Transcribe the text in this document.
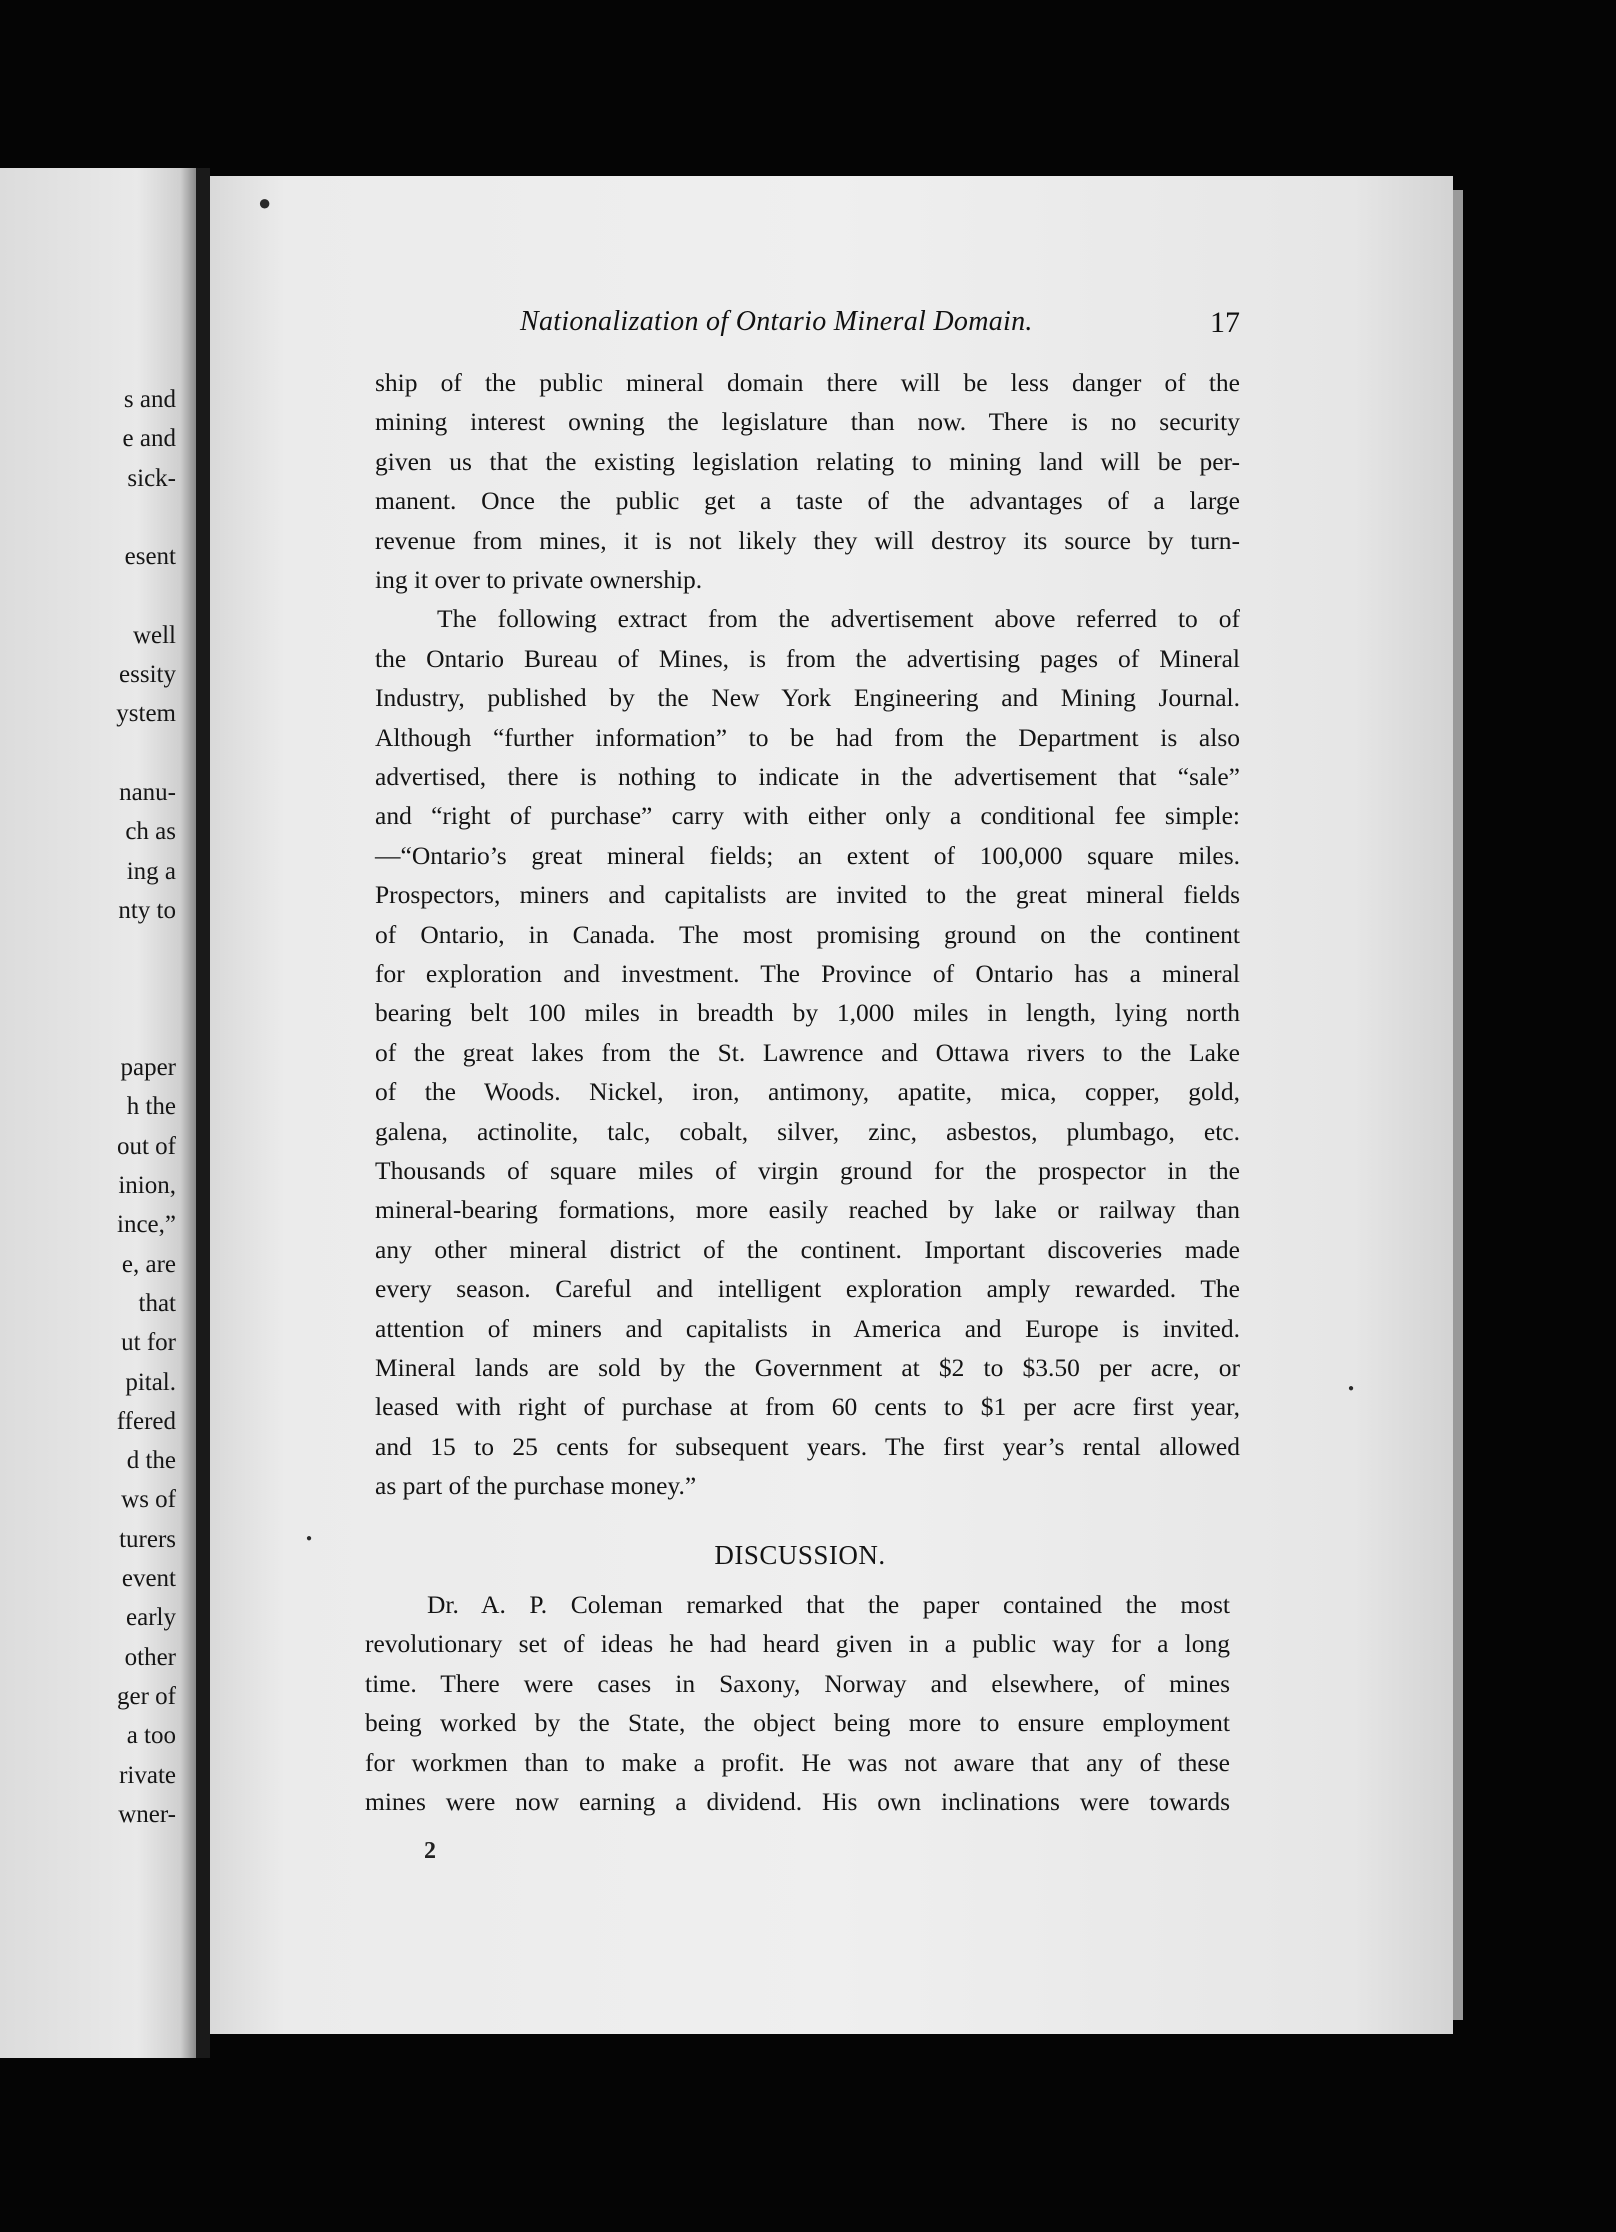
s and
e and
sick-
esent
well
essity
ystem
nanu-
ch as
ing a
nty to
paper
h the
out of
inion,
ince,”
e, are
that
ut for
pital.
ffered
d the
ws of
turers
event
early
other
ger of
a too
rivate
wner-
Nationalization of Ontario Mineral Domain.	17
ship of the public mineral domain there will be less danger of the
mining interest owning the legislature than now. There is no security
given us that the existing legislation relating to mining land will be per-
manent. Once the public get a taste of the advantages of a large
revenue from mines, it is not likely they will destroy its source by turn-
ing it over to private ownership.
The following extract from the advertisement above referred to of
the Ontario Bureau of Mines, is from the advertising pages of Mineral
Industry, published by the New York Engineering and Mining Journal.
Although “further information” to be had from the Department is also
advertised, there is nothing to indicate in the advertisement that “sale”
and “right of purchase” carry with either only a conditional fee simple:
—“Ontario’s great mineral fields; an extent of 100,000 square miles.
Prospectors, miners and capitalists are invited to the great mineral fields
of Ontario, in Canada. The most promising ground on the continent
for exploration and investment. The Province of Ontario has a mineral
bearing belt 100 miles in breadth by 1,000 miles in length, lying north
of the great lakes from the St. Lawrence and Ottawa rivers to the Lake
of the Woods. Nickel, iron, antimony, apatite, mica, copper, gold,
galena, actinolite, talc, cobalt, silver, zinc, asbestos, plumbago, etc.
Thousands of square miles of virgin ground for the prospector in the
mineral-bearing formations, more easily reached by lake or railway than
any other mineral district of the continent. Important discoveries made
every season. Careful and intelligent exploration amply rewarded. The
attention of miners and capitalists in America and Europe is invited.
Mineral lands are sold by the Government at $2 to $3.50 per acre, or
leased with right of purchase at from 60 cents to $1 per acre first year,
and 15 to 25 cents for subsequent years. The first year’s rental allowed
as part of the purchase money.”
DISCUSSION.
Dr. A. P. Coleman remarked that the paper contained the most
revolutionary set of ideas he had heard given in a public way for a long
time. There were cases in Saxony, Norway and elsewhere, of mines
being worked by the State, the object being more to ensure employment
for workmen than to make a profit. He was not aware that any of these
mines were now earning a dividend. His own inclinations were towards
2
●
●
●
